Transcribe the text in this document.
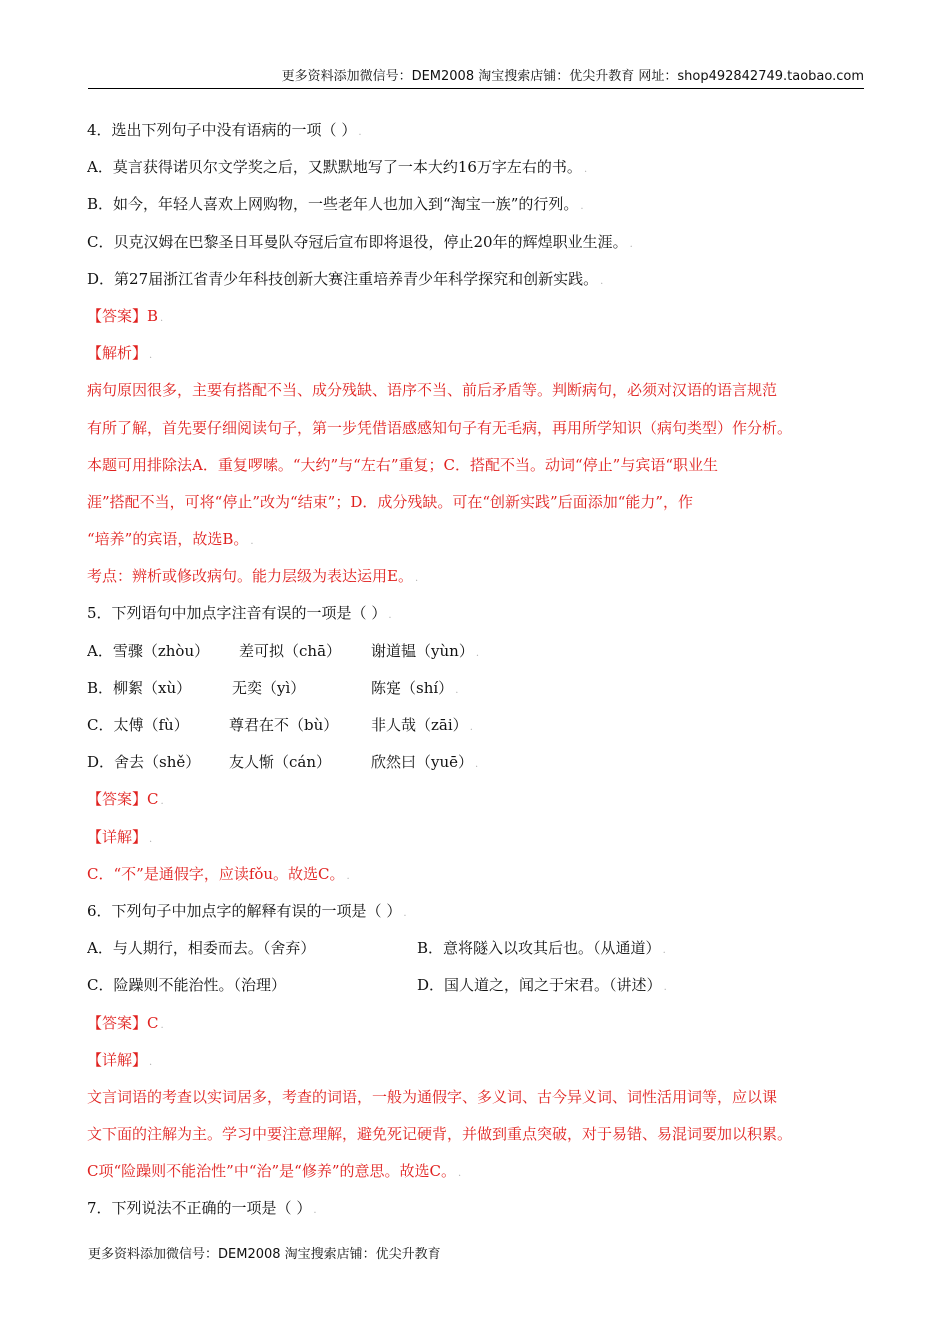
更多资料添加微信号：DEM2008 淘宝搜索店铺：优尖升教育 网址：shop492842749.taobao.com
4．选出下列句子中没有语病的一项（ ） .
A．莫言获得诺贝尔文学奖之后，又默默地写了一本大约16万字左右的书。 .
B．如今，年轻人喜欢上网购物，一些老年人也加入到“淘宝一族”的行列。 .
C．贝克汉姆在巴黎圣日耳曼队夺冠后宣布即将退役，停止20年的辉煌职业生涯。 .
D．第27届浙江省青少年科技创新大赛注重培养青少年科学探究和创新实践。 .
【答案】B .
【解析】 .
病句原因很多，主要有搭配不当、成分残缺、语序不当、前后矛盾等。判断病句，必须对汉语的语言规范
有所了解，首先要仔细阅读句子，第一步凭借语感感知句子有无毛病，再用所学知识（病句类型）作分析。
本题可用排除法A．重复啰嗦。“大约”与“左右”重复；C．搭配不当。动词“停止”与宾语“职业生
涯”搭配不当，可将“停止”改为“结束”；D．成分残缺。可在“创新实践”后面添加“能力”，作
“培养”的宾语，故选B。 .
考点：辨析或修改病句。能力层级为表达运用E。 .
5．下列语句中加点字注音有误的一项是（ ） .
A．雪骤（zhòu） 差可拟（chā） 谢道韫（yùn） .
B．柳絮（xù）	无奕（yì）	陈寔（shí） .
C．太傅（fù）	尊君在不（bù） 非人哉（zāi） .
D．舍去（shě） 友人惭（cán）	欣然曰（yuē） .
【答案】C .
【详解】 .
C．“不”是通假字，应读fǒu。故选C。 .
6．下列句子中加点字的解释有误的一项是（ ） .
A．与人期行，相委而去。（舍弃）	B．意将隧入以攻其后也。（从通道） .
C．险躁则不能治性。（治理）	D．国人道之，闻之于宋君。（讲述） .
【答案】C .
【详解】 .
文言词语的考查以实词居多，考查的词语，一般为通假字、多义词、古今异义词、词性活用词等，应以课
文下面的注解为主。学习中要注意理解，避免死记硬背，并做到重点突破，对于易错、易混词要加以积累。
C项“险躁则不能治性”中“治”是“修养”的意思。故选C。 .
7．下列说法不正确的一项是（ ） .
更多资料添加微信号：DEM2008 淘宝搜索店铺：优尖升教育
